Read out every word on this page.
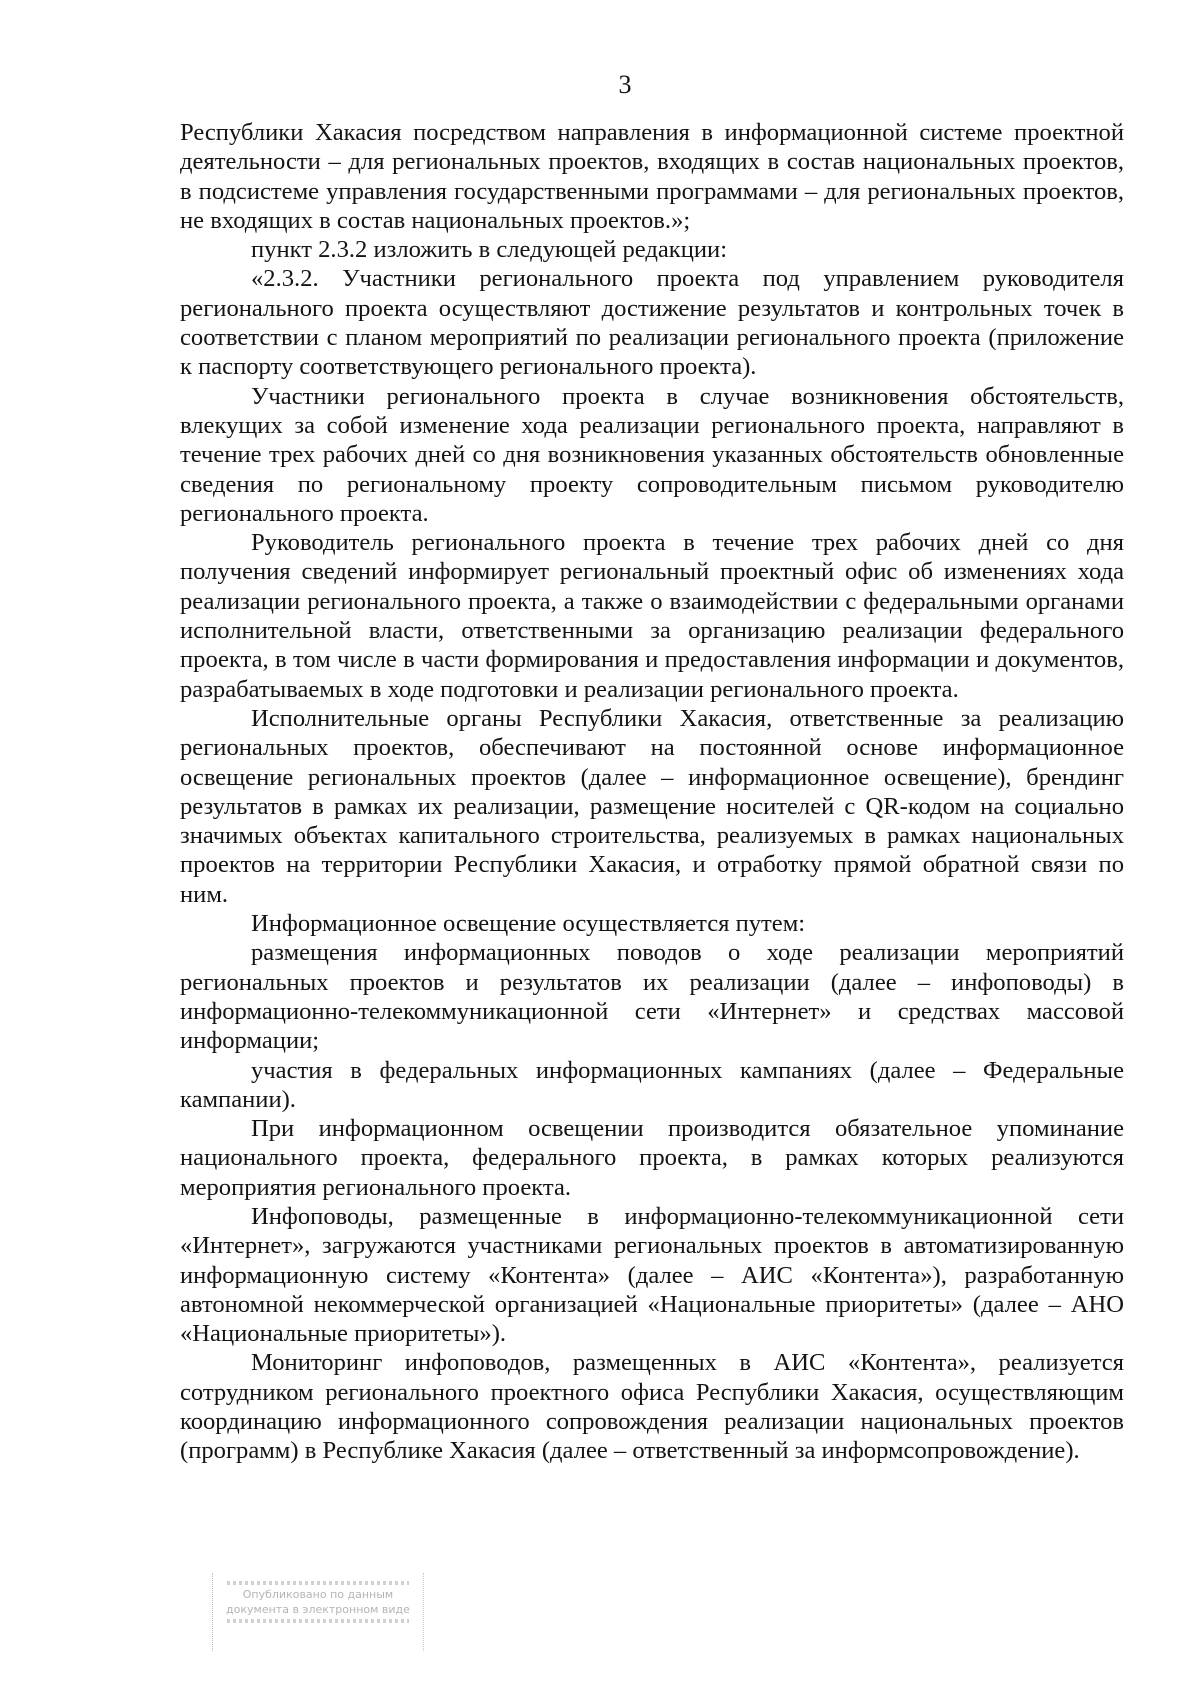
3

Республики Хакасия посредством направления в информационной системе проектной деятельности – для региональных проектов, входящих в состав национальных проектов, в подсистеме управления государственными программами – для региональных проектов, не входящих в состав национальных проектов.»;

пункт 2.3.2 изложить в следующей редакции:

«2.3.2. Участники регионального проекта под управлением руководителя регионального проекта осуществляют достижение результатов и контрольных точек в соответствии с планом мероприятий по реализации регионального проекта (приложение к паспорту соответствующего регионального проекта).

Участники регионального проекта в случае возникновения обстоятельств, влекущих за собой изменение хода реализации регионального проекта, направляют в течение трех рабочих дней со дня возникновения указанных обстоятельств обновленные сведения по региональному проекту сопроводительным письмом руководителю регионального проекта.

Руководитель регионального проекта в течение трех рабочих дней со дня получения сведений информирует региональный проектный офис об изменениях хода реализации регионального проекта, а также о взаимодействии с федеральными органами исполнительной власти, ответственными за организацию реализации федерального проекта, в том числе в части формирования и предоставления информации и документов, разрабатываемых в ходе подготовки и реализации регионального проекта.

Исполнительные органы Республики Хакасия, ответственные за реализацию региональных проектов, обеспечивают на постоянной основе информационное освещение региональных проектов (далее – информационное освещение), брендинг результатов в рамках их реализации, размещение носителей с QR-кодом на социально значимых объектах капитального строительства, реализуемых в рамках национальных проектов на территории Республики Хакасия, и отработку прямой обратной связи по ним.

Информационное освещение осуществляется путем:

размещения информационных поводов о ходе реализации мероприятий региональных проектов и результатов их реализации (далее – инфоповоды) в информационно-телекоммуникационной сети «Интернет» и средствах массовой информации;

участия в федеральных информационных кампаниях (далее – Федеральные кампании).

При информационном освещении производится обязательное упоминание национального проекта, федерального проекта, в рамках которых реализуются мероприятия регионального проекта.

Инфоповоды, размещенные в информационно-телекоммуникационной сети «Интернет», загружаются участниками региональных проектов в автоматизированную информационную систему «Контента» (далее – АИС «Контента»), разработанную автономной некоммерческой организацией «Национальные приоритеты» (далее – АНО «Национальные приоритеты»).

Мониторинг инфоповодов, размещенных в АИС «Контента», реализуется сотрудником регионального проектного офиса Республики Хакасия, осуществляющим координацию информационного сопровождения реализации национальных проектов (программ) в Республике Хакасия (далее – ответственный за информсопровождение).

Опубликовано по данным
документа в электронном виде
